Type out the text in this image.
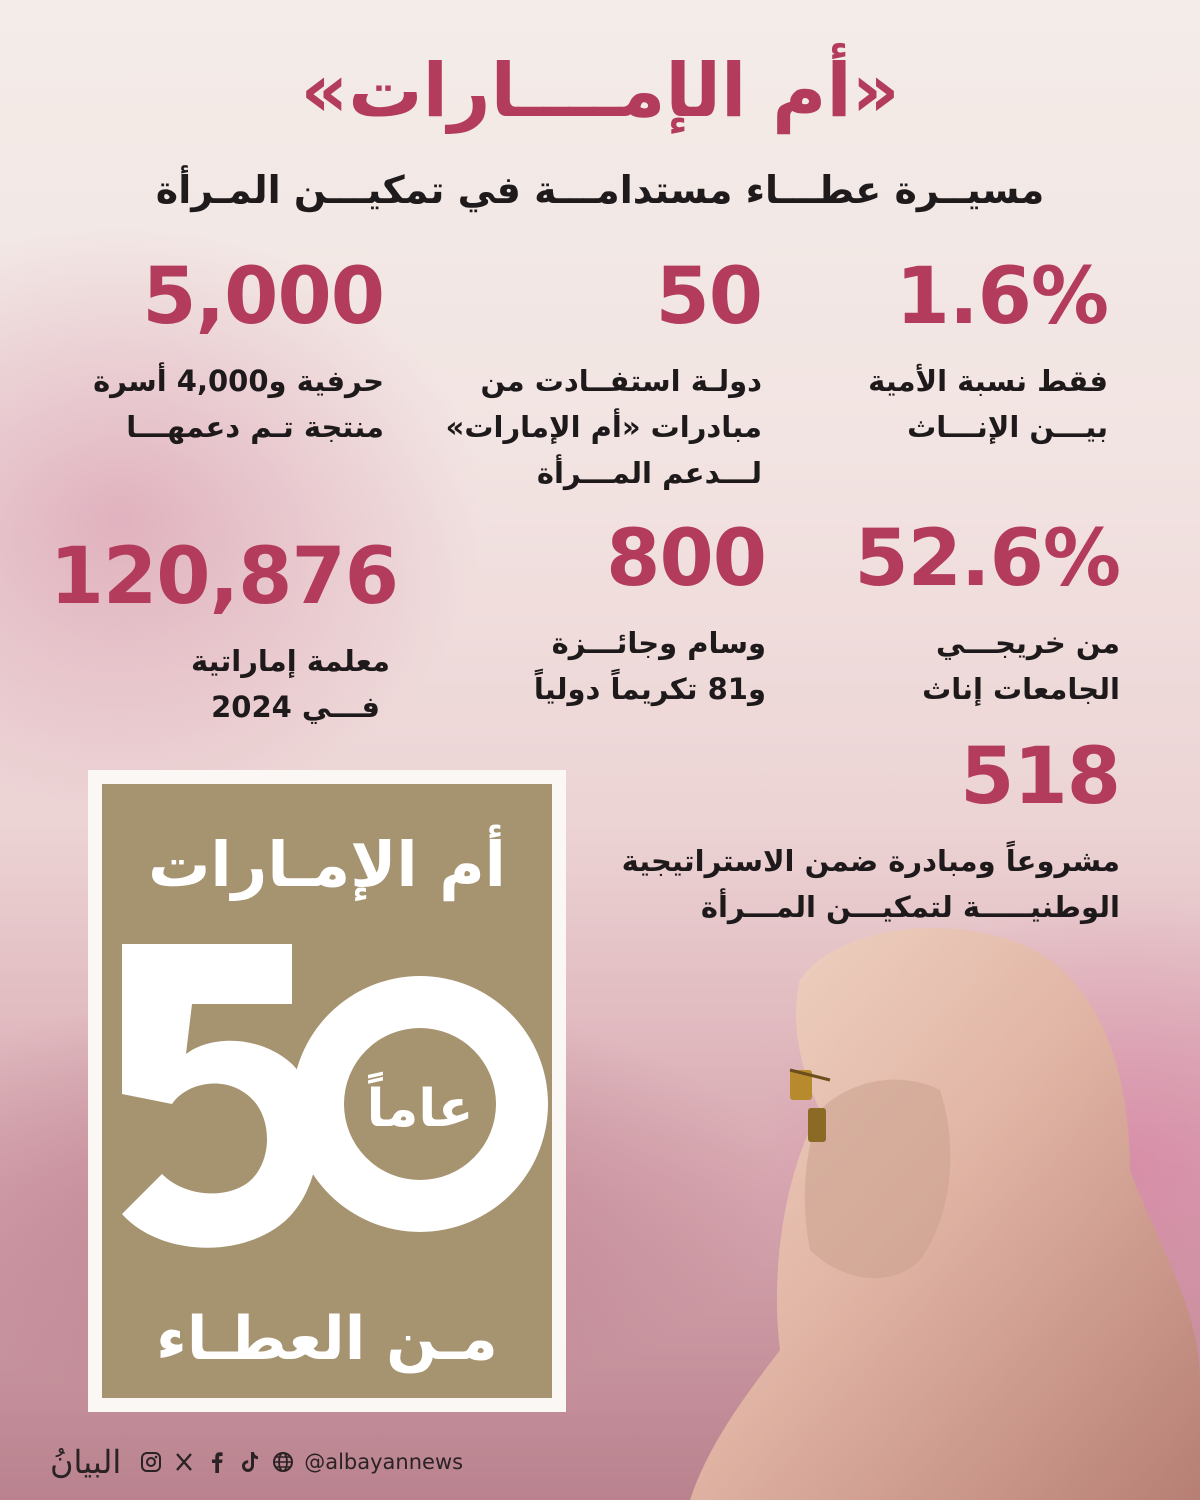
«أم الإمــــارات»
مسيــرة عطـــاء مستدامـــة في تمكيـــن المـرأة
1.6%
فقط نسبة الأمية
بيـــن الإنـــاث
50
دولـة استفــادت من
مبادرات «أم الإمارات»
لـــدعم المـــرأة
5,000
حرفية و4,000 أسرة
منتجة تـم دعمهـــا
52.6%
من خريجـــي
الجامعات إناث
800
وسام وجائـــزة
و81 تكريماً دولياً
120,876
معلمة إماراتية
فـــي 2024
518
مشروعاً ومبادرة ضمن الاستراتيجية
الوطنيـــــة لتمكيـــن المـــرأة
أم الإمـارات
عاماً
مـن العطـاء
البيانُ	@albayannews
